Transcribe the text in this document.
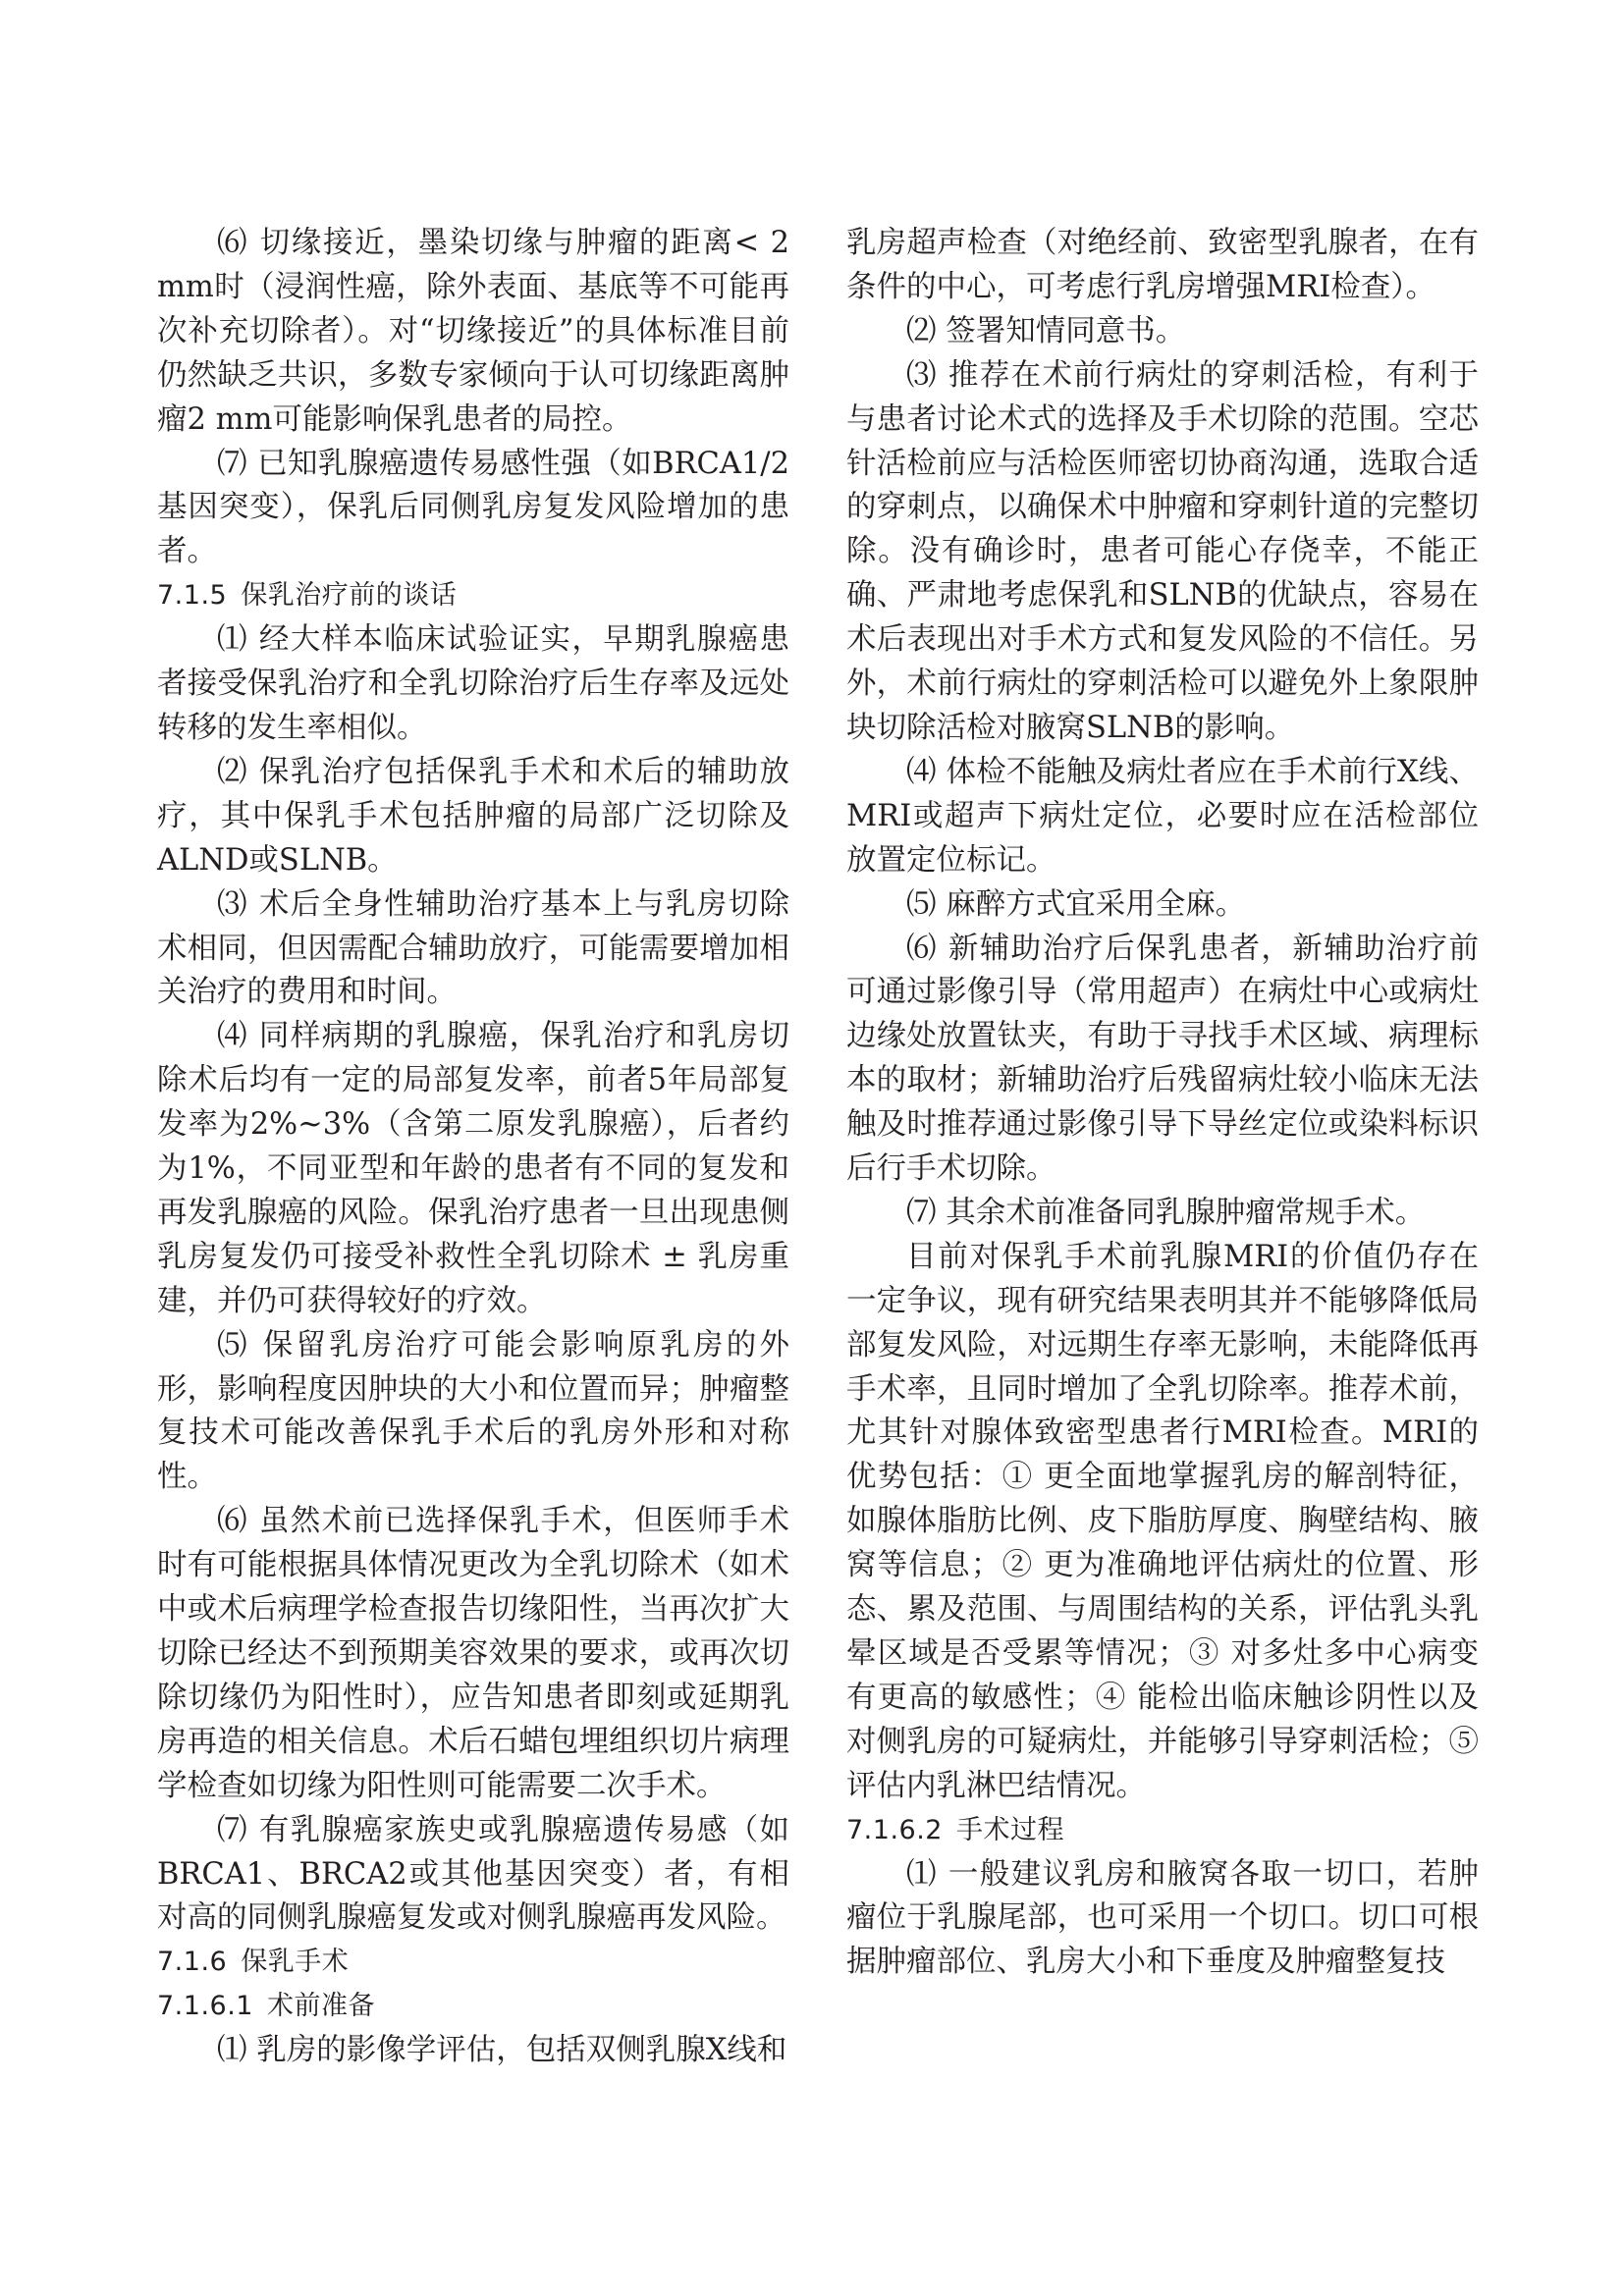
⑹ 切缘接近，墨染切缘与肿瘤的距离< 2 mm时（浸润性癌，除外表面、基底等不可能再次补充切除者）。对“切缘接近”的具体标准目前仍然缺乏共识，多数专家倾向于认可切缘距离肿瘤2 mm可能影响保乳患者的局控。

⑺ 已知乳腺癌遗传易感性强（如BRCA1/2基因突变），保乳后同侧乳房复发风险增加的患者。

7.1.5 保乳治疗前的谈话

⑴ 经大样本临床试验证实，早期乳腺癌患者接受保乳治疗和全乳切除治疗后生存率及远处转移的发生率相似。

⑵ 保乳治疗包括保乳手术和术后的辅助放疗，其中保乳手术包括肿瘤的局部广泛切除及ALND或SLNB。

⑶ 术后全身性辅助治疗基本上与乳房切除术相同，但因需配合辅助放疗，可能需要增加相关治疗的费用和时间。

⑷ 同样病期的乳腺癌，保乳治疗和乳房切除术后均有一定的局部复发率，前者5年局部复发率为2%~3%（含第二原发乳腺癌），后者约为1%，不同亚型和年龄的患者有不同的复发和再发乳腺癌的风险。保乳治疗患者一旦出现患侧乳房复发仍可接受补救性全乳切除术 ± 乳房重建，并仍可获得较好的疗效。

⑸ 保留乳房治疗可能会影响原乳房的外形，影响程度因肿块的大小和位置而异；肿瘤整复技术可能改善保乳手术后的乳房外形和对称性。

⑹ 虽然术前已选择保乳手术，但医师手术时有可能根据具体情况更改为全乳切除术（如术中或术后病理学检查报告切缘阳性，当再次扩大切除已经达不到预期美容效果的要求，或再次切除切缘仍为阳性时），应告知患者即刻或延期乳房再造的相关信息。术后石蜡包埋组织切片病理学检查如切缘为阳性则可能需要二次手术。

⑺ 有乳腺癌家族史或乳腺癌遗传易感（如BRCA1、BRCA2或其他基因突变）者，有相对高的同侧乳腺癌复发或对侧乳腺癌再发风险。

7.1.6 保乳手术

7.1.6.1 术前准备

⑴ 乳房的影像学评估，包括双侧乳腺X线和

乳房超声检查（对绝经前、致密型乳腺者，在有条件的中心，可考虑行乳房增强MRI检查）。

⑵ 签署知情同意书。

⑶ 推荐在术前行病灶的穿刺活检，有利于与患者讨论术式的选择及手术切除的范围。空芯针活检前应与活检医师密切协商沟通，选取合适的穿刺点，以确保术中肿瘤和穿刺针道的完整切除。没有确诊时，患者可能心存侥幸，不能正确、严肃地考虑保乳和SLNB的优缺点，容易在术后表现出对手术方式和复发风险的不信任。另外，术前行病灶的穿刺活检可以避免外上象限肿块切除活检对腋窝SLNB的影响。

⑷ 体检不能触及病灶者应在手术前行X线、MRI或超声下病灶定位，必要时应在活检部位放置定位标记。

⑸ 麻醉方式宜采用全麻。

⑹ 新辅助治疗后保乳患者，新辅助治疗前可通过影像引导（常用超声）在病灶中心或病灶边缘处放置钛夹，有助于寻找手术区域、病理标本的取材；新辅助治疗后残留病灶较小临床无法触及时推荐通过影像引导下导丝定位或染料标识后行手术切除。

⑺ 其余术前准备同乳腺肿瘤常规手术。

目前对保乳手术前乳腺MRI的价值仍存在一定争议，现有研究结果表明其并不能够降低局部复发风险，对远期生存率无影响，未能降低再手术率，且同时增加了全乳切除率。推荐术前，尤其针对腺体致密型患者行MRI检查。MRI的优势包括：① 更全面地掌握乳房的解剖特征，如腺体脂肪比例、皮下脂肪厚度、胸壁结构、腋窝等信息；② 更为准确地评估病灶的位置、形态、累及范围、与周围结构的关系，评估乳头乳晕区域是否受累等情况；③ 对多灶多中心病变有更高的敏感性；④ 能检出临床触诊阴性以及对侧乳房的可疑病灶，并能够引导穿刺活检；⑤ 评估内乳淋巴结情况。

7.1.6.2 手术过程

⑴ 一般建议乳房和腋窝各取一切口，若肿瘤位于乳腺尾部，也可采用一个切口。切口可根据肿瘤部位、乳房大小和下垂度及肿瘤整复技
